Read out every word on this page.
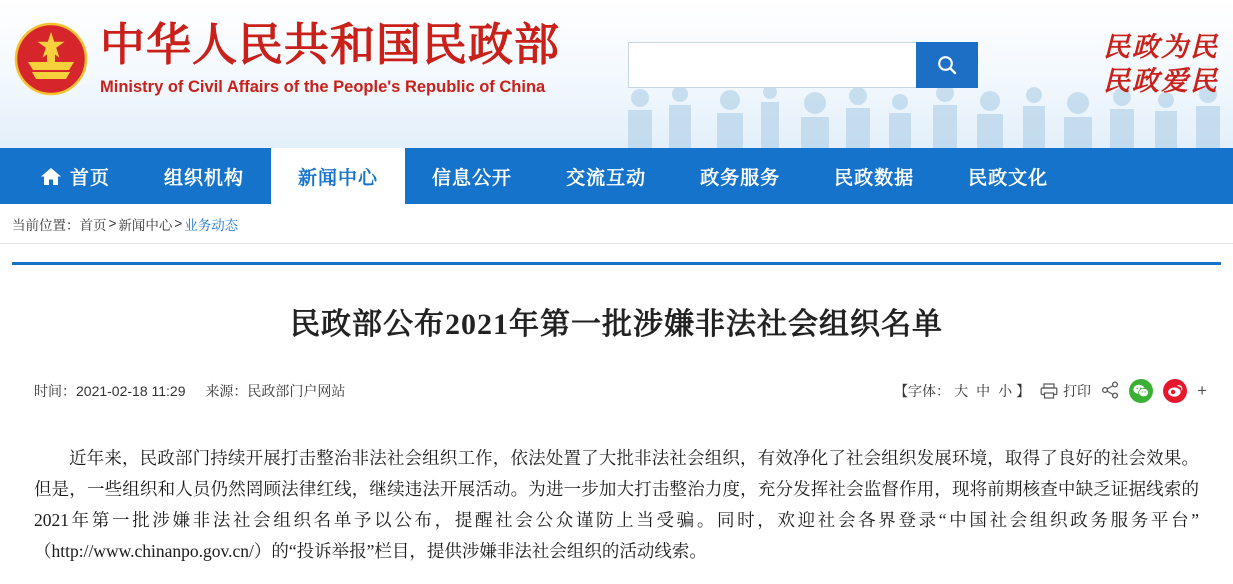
中华人民共和国民政部
Ministry of Civil Affairs of the People's Republic of China
民政为民
民政爱民
首页	组织机构	新闻中心	信息公开	交流互动	政务服务	民政数据	民政文化
当前位置： 首页 > 新闻中心 > 业务动态
民政部公布2021年第一批涉嫌非法社会组织名单
时间：2021-02-18 11:29 来源：民政部门户网站	【字体： 大 中 小 】 打印	+

近年来，民政部门持续开展打击整治非法社会组织工作，依法处置了大批非法社会组织，有效净化了社会组织发展环境，取得了良好的社会效果。但是，一些组织和人员仍然罔顾法律红线，继续违法开展活动。为进一步加大打击整治力度，充分发挥社会监督作用，现将前期核查中缺乏证据线索的2021年第一批涉嫌非法社会组织名单予以公布，提醒社会公众谨防上当受骗。同时，欢迎社会各界登录“中国社会组织政务服务平台”（http://www.chinanpo.gov.cn/）的“投诉举报”栏目，提供涉嫌非法社会组织的活动线索。
